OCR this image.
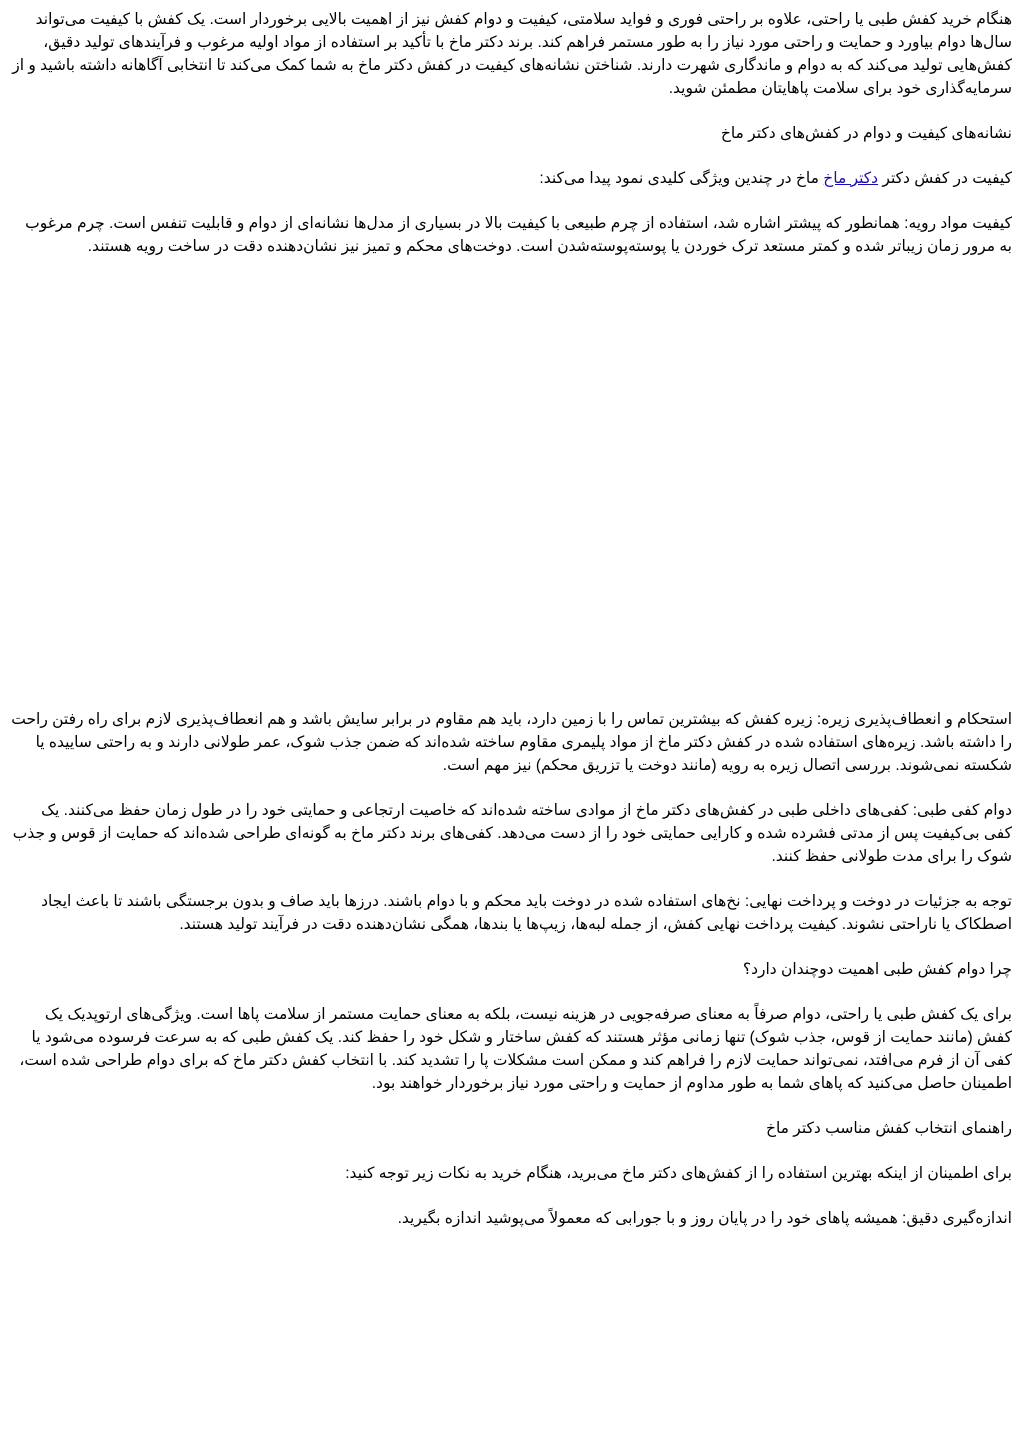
هنگام خرید کفش طبی یا راحتی، علاوه بر راحتی فوری و فواید سلامتی، کیفیت و دوام کفش نیز از اهمیت بالایی برخوردار است. یک کفش با کیفیت می‌تواند سال‌ها دوام بیاورد و حمایت و راحتی مورد نیاز را به طور مستمر فراهم کند. برند دکتر ماخ با تأکید بر استفاده از مواد اولیه مرغوب و فرآیندهای تولید دقیق، کفش‌هایی تولید می‌کند که به دوام و ماندگاری شهرت دارند. شناختن نشانه‌های کیفیت در کفش دکتر ماخ به شما کمک می‌کند تا انتخابی آگاهانه داشته باشید و از سرمایه‌گذاری خود برای سلامت پاهایتان مطمئن شوید.

نشانه‌های کیفیت و دوام در کفش‌های دکتر ماخ

کیفیت در کفش دکتر دکتر ماخ ماخ در چندین ویژگی کلیدی نمود پیدا می‌کند:

کیفیت مواد رویه: همانطور که پیشتر اشاره شد، استفاده از چرم طبیعی با کیفیت بالا در بسیاری از مدل‌ها نشانه‌ای از دوام و قابلیت تنفس است. چرم مرغوب به مرور زمان زیباتر شده و کمتر مستعد ترک خوردن یا پوسته‌پوسته‌شدن است. دوخت‌های محکم و تمیز نیز نشان‌دهنده دقت در ساخت رویه هستند.

استحکام و انعطاف‌پذیری زیره: زیره کفش که بیشترین تماس را با زمین دارد، باید هم مقاوم در برابر سایش باشد و هم انعطاف‌پذیری لازم برای راه رفتن راحت را داشته باشد. زیره‌های استفاده شده در کفش دکتر ماخ از مواد پلیمری مقاوم ساخته شده‌اند که ضمن جذب شوک، عمر طولانی دارند و به راحتی ساییده یا شکسته نمی‌شوند. بررسی اتصال زیره به رویه (مانند دوخت یا تزریق محکم) نیز مهم است.

دوام کفی طبی: کفی‌های داخلی طبی در کفش‌های دکتر ماخ از موادی ساخته شده‌اند که خاصیت ارتجاعی و حمایتی خود را در طول زمان حفظ می‌کنند. یک کفی بی‌کیفیت پس از مدتی فشرده شده و کارایی حمایتی خود را از دست می‌دهد. کفی‌های برند دکتر ماخ به گونه‌ای طراحی شده‌اند که حمایت از قوس و جذب شوک را برای مدت طولانی حفظ کنند.

توجه به جزئیات در دوخت و پرداخت نهایی: نخ‌های استفاده شده در دوخت باید محکم و با دوام باشند. درزها باید صاف و بدون برجستگی باشند تا باعث ایجاد اصطکاک یا ناراحتی نشوند. کیفیت پرداخت نهایی کفش، از جمله لبه‌ها، زیپ‌ها یا بندها، همگی نشان‌دهنده دقت در فرآیند تولید هستند.

چرا دوام کفش طبی اهمیت دوچندان دارد؟

برای یک کفش طبی یا راحتی، دوام صرفاً به معنای صرفه‌جویی در هزینه نیست، بلکه به معنای حمایت مستمر از سلامت پاها است. ویژگی‌های ارتوپدیک یک کفش (مانند حمایت از قوس، جذب شوک) تنها زمانی مؤثر هستند که کفش ساختار و شکل خود را حفظ کند. یک کفش طبی که به سرعت فرسوده می‌شود یا کفی آن از فرم می‌افتد، نمی‌تواند حمایت لازم را فراهم کند و ممکن است مشکلات پا را تشدید کند. با انتخاب کفش دکتر ماخ که برای دوام طراحی شده است، اطمینان حاصل می‌کنید که پاهای شما به طور مداوم از حمایت و راحتی مورد نیاز برخوردار خواهند بود.

راهنمای انتخاب کفش مناسب دکتر ماخ

برای اطمینان از اینکه بهترین استفاده را از کفش‌های دکتر ماخ می‌برید، هنگام خرید به نکات زیر توجه کنید:

اندازه‌گیری دقیق: همیشه پاهای خود را در پایان روز و با جورابی که معمولاً می‌پوشید اندازه بگیرید.
